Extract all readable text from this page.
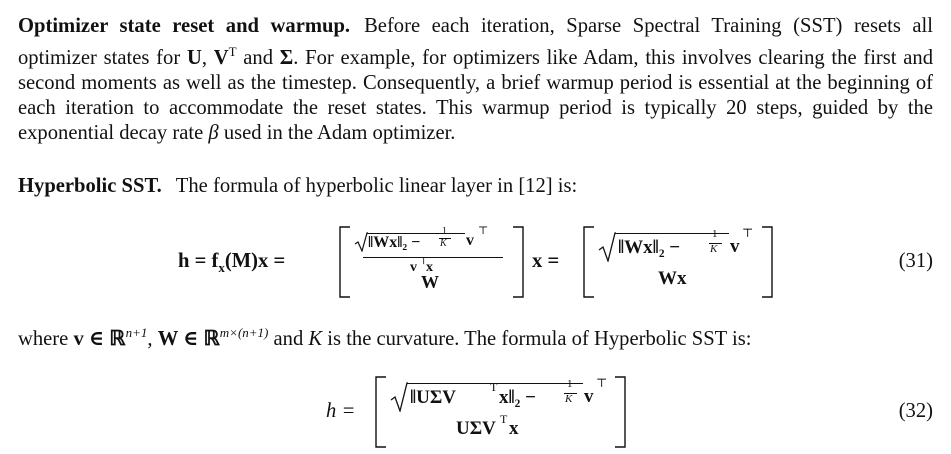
Optimizer state reset and warmup. Before each iteration, Sparse Spectral Training (SST) resets all optimizer states for U, $V^T$ and Σ. For example, for optimizers like Adam, this involves clearing the first and second moments as well as the timestep. Consequently, a brief warmup period is essential at the beginning of each iteration to accommodate the reset states. This warmup period is typically 20 steps, guided by the exponential decay rate β used in the Adam optimizer.

Hyperbolic SST. The formula of hyperbolic linear layer in [12] is:

$h = f_x(M)x$ =
‖Wx‖₂ −
1
K v
⊤
v ⊤
x
W
x =
‖Wx‖₂ −
1
K v
⊤
Wx
(31)

where v ∈ ℝ$^{n+1}$, W ∈ ℝ$^{m\times(n+1)}$ and K is the curvature. The formula of Hyperbolic SST is:

h =
‖UΣV	T x‖₂ −
1
K v
⊤
UΣV T x
(32)
